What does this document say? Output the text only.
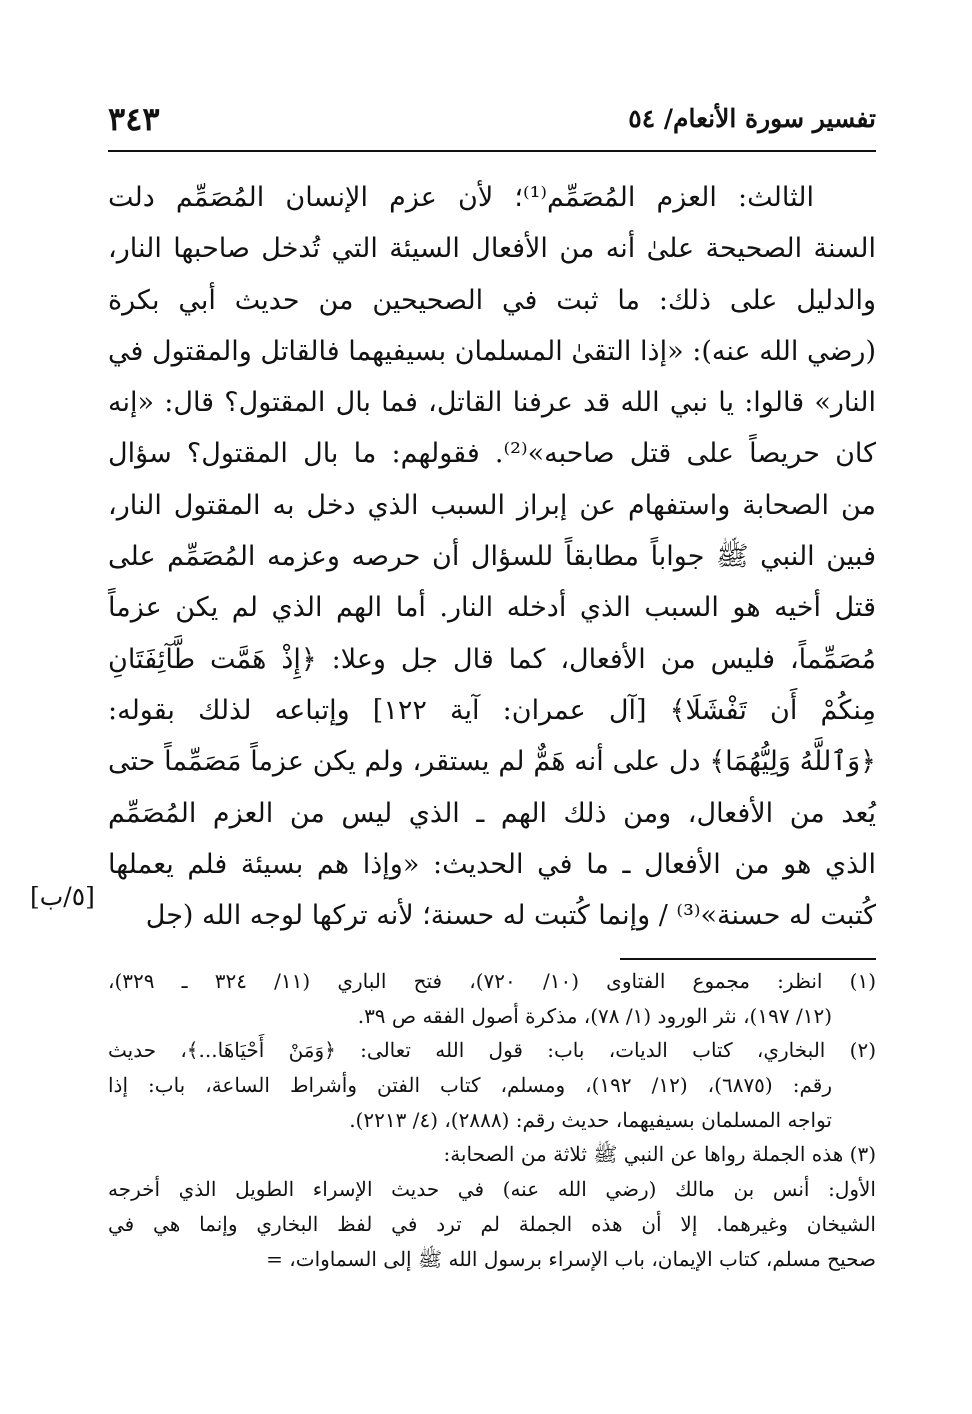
تفسير سورة الأنعام/ ٥٤
٣٤٣
الثالث: العزم المُصَمِّم⁽¹⁾؛ لأن عزم الإنسان المُصَمِّم دلت
السنة الصحيحة علىٰ أنه من الأفعال السيئة التي تُدخل صاحبها النار،
والدليل على ذلك: ما ثبت في الصحيحين من حديث أبي بكرة
(رضي الله عنه): «إذا التقىٰ المسلمان بسيفيهما فالقاتل والمقتول في
النار» قالوا: يا نبي الله قد عرفنا القاتل، فما بال المقتول؟ قال: «إنه
كان حريصاً على قتل صاحبه»⁽²⁾. فقولهم: ما بال المقتول؟ سؤال
من الصحابة واستفهام عن إبراز السبب الذي دخل به المقتول النار،
فبين النبي ﷺ جواباً مطابقاً للسؤال أن حرصه وعزمه المُصَمِّم على
قتل أخيه هو السبب الذي أدخله النار. أما الهم الذي لم يكن عزماً
مُصَمِّماً، فليس من الأفعال، كما قال جل وعلا: ﴿إِذْ هَمَّت طَّآئِفَتَانِ
مِنكُمْ أَن تَفْشَلَا﴾ [آل عمران: آية ١٢٢] وإتباعه لذلك بقوله:
﴿وَٱللَّهُ وَلِيُّهُمَا﴾ دل على أنه هَمٌّ لم يستقر، ولم يكن عزماً مَصَمِّماً حتى
يُعد من الأفعال، ومن ذلك الهم ـ الذي ليس من العزم المُصَمِّم
الذي هو من الأفعال ـ ما في الحديث: «وإذا هم بسيئة فلم يعملها
كُتبت له حسنة»⁽³⁾ / وإنما كُتبت له حسنة؛ لأنه تركها لوجه الله (جل
[٥/ب]
(١) انظر: مجموع الفتاوى (١٠/ ٧٢٠)، فتح الباري (١١/ ٣٢٤ ـ ٣٢٩)،
(١٢/ ١٩٧)، نثر الورود (١/ ٧٨)، مذكرة أصول الفقه ص ٣٩.
(٢) البخاري، كتاب الديات، باب: قول الله تعالى: ﴿وَمَنْ أَحْيَاهَا...﴾، حديث
رقم: (٦٨٧٥)، (١٢/ ١٩٢)، ومسلم، كتاب الفتن وأشراط الساعة، باب: إذا
تواجه المسلمان بسيفيهما، حديث رقم: (٢٨٨٨)، (٤/ ٢٢١٣).
(٣) هذه الجملة رواها عن النبي ﷺ ثلاثة من الصحابة:
الأول: أنس بن مالك (رضي الله عنه) في حديث الإسراء الطويل الذي أخرجه
الشيخان وغيرهما. إلا أن هذه الجملة لم ترد في لفظ البخاري وإنما هي في
صحيح مسلم، كتاب الإيمان، باب الإسراء برسول الله ﷺ إلى السماوات، =
